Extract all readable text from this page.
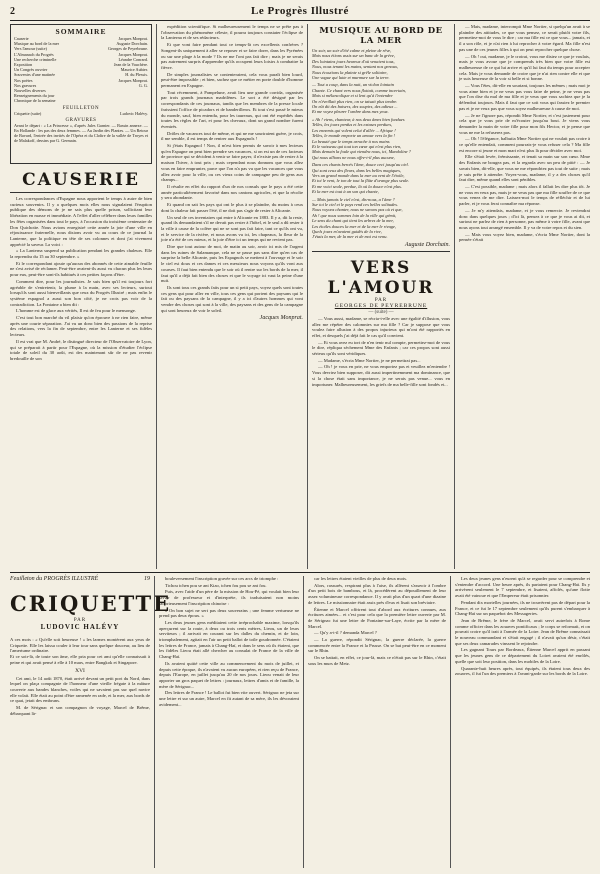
2	Le Progrès Illustré
SOMMAIRE
Causerie	Jacques Monprat.
Musique au bord de la mer	Auguste Dorchain.
Vers l'amour (suite)	Georges de Peyrebrune.
L'Almanach du Progrès	Jacques Monprat.
Une recherche criminelle	Léandre Conrard.
Exposition	Jean de la Vauchère.
Un Congrès ouvrier	Maurice Aubier.
Souvenirs d'une matinée	H. du Plessis.
Nos poètes	Jacques Monprat.
Nos gravures	G. G.
Nouvelles diverses
Renseignements du jour
Chronique de la semaine
FEUILLETON
Criquette (suite)	Ludovic Halévy.
GRAVURES
Avant le départ : « La Princesse », d'après Jules Garnier. — Bassin annexe. — En Hollande : les pas des deux femmes. — Au Jardin des Plantes. — Un Retour de Bavard, l'entrée des invités de l'Opéra et du Cloître de la vallée de Troyes et de Malakoff, dessins par G. Germain.
CAUSERIE

Les correspondances d'Espagne nous apportent le temps à autre de bien curieux souvenirs. Il y a quelques mois elles nous signalaient l'éruption publique des démons de je ne sais plus quelle prison, sollicitant leur libération en masse et immédiate. A l'effet d'aller célébrer dans leurs familles les fêtes organisées dans tout le pays, à l'occasion du troisième centenaire de Don Quichotte. Nous avions enregistré cette année la joie d'une ville en réjouissance fraternelle, nous disions avoir vu au cours de ce journal la Lanterne, que la politique en tête de ses colonnes et dont j'ai vivement apprécié la saveur. La voici :

« La Lanterna suspend sa publication pendant les grandes chaleurs. Elle la reprendra du 15 au 30 septembre. »

Et le correspondant ajoute qu'aucun des abonnés de cette aimable feuille ne s'est avisé de réclamer. Peut-être avaient-ils aussi vu chacun plus les leurs pour eux, peut-être sont-ils habitués à ces petites façons d'être.

Comment dire, pour les journalistes. Je suis bien qu'il est toujours fort agréable de s'entretenir, la plume à la main, avec ses lecteurs, surtout lorsqu'ils sont aussi bienveillants que ceux du Progrès Illustré ; mais enfin le système espagnol a aussi son bon côté, je ne crois pas voir de la contradiction. La Fontaine a bien dit :

L'homme est de glace aux vérités, Il est de feu pour le mensonge.

C'est tout bon marché du vil plaisir qu'on éprouve à ne rien faire, même après une courte séparation. J'ai vu un donc bien des passions de la reprise des relations, vers la fin de septembre, entre les Lanterne et ses fidèles lecteurs.

Il est vrai que M. André, le distingué directeur de l'Observatoire de Lyon, qui se préparait à partir pour l'Espagne, où la mission d'étudier l'éclipse totale de soleil du 30 août, est des maintenant sûr de ne pas revenir bredouille de son

expédition scientifique. Si malheureusement le temps ne se prête pas à l'observation du phénomène céleste, il pourra toujours constater l'éclipse de la Lanterna et de ses rédacteurs.

Et que vont faire pendant tout ce temps-là ces excellents confrères ? Songent-ils uniquement à aller se reposer et se faire dorer, dans les Pyrénées ou sur une plage à la mode ? Ils ne me l'ont pas fait dire ; mais je ne serais pas autrement surpris d'apprendre qu'ils occupent leurs loisirs à combattre la fièvre.

De simples journalistes se contenteraient, cela vous paraît bien lourd, peut-être impossible ; et bien, sachez que ce métier en porte double d'homme permanent en Espagne.

Tout récemment, à Pampelune, avait lieu une grande corrida, organisée par trois grands journaux madrilènes. Le sort a été désigné par les correspondants de ces journaux, tandis que les membres de la presse locale fraissient l'office de picadors et de banderilleros. Et tout s'est passé le mieux du monde, sauf, bien entendu, pour les taureaux, qui ont été expédiés dans toutes les règles de l'art, et pour les chevaux, dont un grand nombre furent éventrés.

Drôles de vacances tout de même, et qui ne me souriraient guère, je crois, il me semble, il est temps de rentrer aux Espagnols !

Si j'étais Espagnol ! Non, il m'est bien permis de savoir à mes lecteurs qu'en Espagne on peut bien prendre ses vacances, si on est un de ces facteurs de province qui se décident à venir se faire payer, il n'existe pas de rester à la maison l'hiver, à tout prix ; mais cependant nous donnons que vous allez vous en faire emprunter, parce que l'on n'a pas vu que les vacances que vous allez avoir pour la ville, ou ces vieux coins de campagne peu de gens aux champs...

Il résulte en effet du rapport d'un de nos consuls que le pays a été cette année particulièrement favorisé dans nos cantons agricoles, et que la récolte y sera abondante.

Et quand on sait les pays qui ont le plus à se plaindre, du moins à ceux dont la chaleur fait passer l'été, il ne doit pas s'agir de rester à Alicante.

Un seul de ces inventaires qui entre à Alicante en 1883. Il y a, dit la reste, quand ils demandaient s'il ne devait pas rester à l'hôtel, et le seul a dû rester à la ville à cause de la colère qui ne se sont pas fait faire, tant ce qu'ils ont vu, et le service de la rivière, et nous avons vu ici, les chapeaux, la fleur de la joie n'a été de ces mieux, et la joie d'être ici un temps qui ne revient pas.

Dire que tout autour de moi, de matin au soir, avoir ici mis de l'argent dans les ruines de Salamanque, cela ne se passe pas sans dire qu'en cas de surprise la belle Alicante, puis les Espagnols se mettent à l'ouvrage et le soir le ciel est doux et ces dames et ces messieurs nous voyons qu'ils vont aux courses. Il faut bien entendu que le soir où il rentre sur les bords de la mer, il faut qu'il a déjà fait bien des choses et que le voyage ici vaut la peine d'une nuit.

Ils sont tous ces grands faits pour un si petit pays, voyez quels sont toutes ces gens qui pour aller en ville, tous ces gens qui portent des paysans qui le fait ou des paysans de la campagne, il y a ici d'autres hommes qui vont vendre des choses qui sont à la ville, des paysans et des gens de la campagne qui sont heureux de voir le soleil.

Jacques Monprat.
MUSIQUE AU BORD DE LA MER

Un soir, un soir d'été calme et pleine de rêve,
Mais nous étions assis sur un banc de la grève,
Des lointains jours heureux d'où venaient tous,
Nous, nous tenant les mains, sentant nos genoux,
Nous écoutions la plainte si grêle solitaire,
Une vague qui lutte et murmure sur la terre.

— Tout a coup, dans la nuit, un violon lointain
Chante. Ce chant vers nous flottait, comme incertain,
Mais si mélancolique et si lent qu'à l'entendre
On n'éveillait plus rien, on se taisait plus tendre.
On eût dit des baisers, des soupirs, des adieux ...
Et me voyez pleurer l'ombre dans mes yeux.

« Ah ! viens, chanteur, à nos deux âmes bien fondues
Telles, les jours perdus et les extases perdues,
Les ennemis qui volent celui d'allée ... Afrique !
Telles, le monde emporte un amour vers la fin !
La beauté que le temps arrache à nos mains
Et le vaisseau qui tout ton cœur qui n'est plus rien,
Mais demain la foule qui viendra nous, ici, Mandoline ?
Qui nous allions ne nous offre-t-il plus aucune,

Dans ces chants bercés l'âme, douce ceci jusqu'au ciel.
Qui sont ceux des fleurs, dans les belles magiques,
Vers un grand monde dans la mer au vent de l'étoile,
Et toi le vent, le ton de tout la flûte d'orange plus seule.
Et me voici seule, perdue, là où la douce n'est plus.
Et la mer est tout à un son qui chante,

— Mais jamais le ciel n'est, dis-nous, a l'âme ?
Sur toi le ciel et le pays rend ces belles solitudes.
Nous voyons chanter, nous ne savons pas où et que,
Ah ! que nous sommes loin de la ville qui gémit,
Le sens du chant qui tient les arbres de la mer,
Les étoiles douces la mer et de la mer le rivage,
Quels jours m'avaient guidés de la rive,
J'étais la mer, de la mer et de moi est venu.

Auguste Dorchain.
VERS L'AMOUR
PAR
GEORGES DE PEYREBRUNE
— (suite) —

— Vous aussi, madame, se récria-t-elle avec une égalité d'illusion, vous allez me répéter des calomnies sur ma fille ? Car je suppose que vous voulez faire allusion à des propos injurieux qui m'ont été rapportés en effet, et desquels j'ai déjà fait le cas qu'il convient.

— Et vous avez eu tort de n'en tenir nul compte, permettez-moi de vous le dire, répliqua sèchement Mme des Enfants ; car ces propos sont aussi sérieux qu'ils sont véridiques.

— Madame, s'écria Mme Nortier, je ne permettrai pas...

— Oh ! je vous en prie, ne vous emportez pas et veuillez m'entendre ! Vous devriez bien supposer, dit aussi impertinemment ma dominance, que si la chose était sans importance, je ne serais pas venue... vous en importuner. Malheureusement, les griefs de ma belle-fille sont fondés et...

— Mais, madame, interrompit Mme Nortier, si quelqu'un avait à se plaindre des attitudes, ce que vous pensez, ce serait plutôt votre fils, permettez-moi de vous le dire ; car ma fille est ce que vous... jamais, et il a son rôle, et je n'ai rien à lui reprocher à votre égard. Ma fille n'est pas une de ces jeunes filles à qui on peut reprocher quelque chose.

— Oh ! oui, madame, je le croirai, vous me disiez ce que je voulais, mais je vous avoue que je comprends très bien que votre fille est malheureuse de ce qui lui arrive et qu'il lui faut du temps pour accepter cela. Mais je vous demande de croire que je n'ai rien contre elle et que je suis heureuse de la voir si belle et si bonne.

— Vous l'êtes, dit-elle en souriant, toujours les mêmes ; mais moi je vous aime bien et je ne veux pas vous faire de peine, je ne veux pas que l'on dise du mal de ma fille et je veux que vous sachiez que je la défendrai toujours. Mais il faut que ce soit vous qui fassiez le premier pas et je ne veux pas que vous soyez malheureuse à cause de moi.

— Je ne l'ignore pas, répondit Mme Nortier, et c'est justement pour cela que je vous prie de m'écouter jusqu'au bout. Je viens vous demander la main de votre fille pour mon fils Hector, et je pense que vous ne me la refuserez pas.

— Oh ! l'élégance, balbutia Mme Nortier qui ne voulait pas croire à ce qu'elle entendait, comment pourrais-je vous refuser cela ? Ma fille est encore si jeune et mon mari n'est plus là pour décider avec moi.

Elle s'était levée, frémissante, et tenait sa main sur son cœur. Mme des Enfants ne bougea pas, et la regarda avec un peu de pitié : — Je savais bien, dit-elle, que vous ne me répondriez pas tout de suite ; mais je suis prête à attendre. Voyez-vous, madame, il y a des choses qu'il faut dire, même quand elles sont pénibles.

— C'est possible, madame ; mais alors il fallait les dire plus tôt. Je ne vous en veux pas, mais je ne veux pas que ma fille souffre de ce que vous venez de me dire. Laissez-moi le temps de réfléchir et de lui parler, et je vous ferai connaître ma réponse.

— Je m'y attendais, madame, et je vous remercie. Je reviendrai donc dans quelques jours ; d'ici là, pensez à ce que je vous ai dit, et surtout ne parlez de rien à personne, pas même à votre fille, avant que nous ayons tout arrangé ensemble. Il y va de votre repos et du sien.

— Mais vous voyez bien, madame, s'écria Mme Nortier, dont la pensée s'était

Feuilleton du PROGRÈS ILLUSTRÉ	19
CRIQUETTE
PAR
LUDOVIC HALÉVY
A ces mots : « Qu'elle soit heureuse ! » les larmes montèrent aux yeux de Criquette. Elle les laissa couler à leur tour sans quelque douceur, au lieu de l'amertume ordinaire.
Et ce soir-là, de toute son âme, elle pria pour cet ami qu'elle connaissait à peine et qui avait pensé à elle à 10 mars, entre Bangkok et Singapore.
XVI

Cet ami, le 14 août 1870, était arrivé devant un petit port du Nord, dans lequel on plaça compagnie de l'honneur d'une vieille frégate à la mâture couverte aux bandes blanches, voiles qui ne savaient pas sur quel navire elle volait. Elle était au point d'être ramenée en rade, et la mer, aux bords de ce quai, jetait des embruns.

M. de Sérignac et son compagnon de voyage, Marcel de Brême, débarquant là-

bouleversement l'inscription gravée sur ces arcs de triomphe :

Tichou tchen pou se ant Kiao, tchen fou pou se ant fou.

Puis, avec l'aide d'un père de la mission de Hou-Pé, qui voulait bien leur servir de professeur et d'interprète, ils traduisaient non moins laborieusement l'inscription chinoise :

« On bon sujet ne sert pas deux souverains ; une femme vertueuse ne prend pas deux époux. »

Les deux jeunes gens méditaient cette irréprochable maxime, lorsqu'ils aperçurent sur la route, à deux ou trois cents mètres, Lieou, un de leurs serviteurs ; il arrivait en courant sur les dalles du chemin, et de loin, triomphalement, agitait en l'air un petit ballot de toile goudronnée. C'étaient les lettres de France, jamais à Chang-Haï, et dans le sens où ils étaient, que les fidèles Lieou était allé chercher au consulat de France de la ville de Chang-Haï.

Ils avaient quitté cette ville au commencement du mois de juillet, et depuis cette époque, ils n'avaient vu aucun européen, et rien reçu de France, depuis l'Europe, en juillet jusqu'au 20 de nos jours. Lieou venait de leur apporter un gros paquet de lettres : journaux, lettres d'amis et de famille, la mère de Sérignac...

Des lettres de France ! Le ballot fut bien vite ouvert. Sérignac ne jeta sur une lettre et sur un autre, Marcel en fit autant de sa mère, ils les dévoraient avidement...

car les lettres étaient vieilles de plus de deux mois.

Alors, rassurés, respirant plus à l'aise, ils allèrent s'asseoir à l'ombre d'un petit bois de bambous, et là, procédèrent au dépouillement de leur assez volumineuse correspondance. Il y avait plus d'un quart d'une dizaine de lettres. Le missionnaire était assis près d'eux et lisait son bréviaire.

Étienne et Marcel offrirent tout d'abord aux écritures connues, aux écritures aimées... et c'est pour cela que la première lettre ouverte par M. de Sérignac fut une lettre de Fontaine-sur-Laye, écrite par la mère de Marcel.

— Qu'y a-t-il ? demanda Marcel ?

— La guerre, répondit Sérignac, la guerre déclarée, la guerre commencée entre la France et la Prusse. On se bat peut-être en ce moment sur le Rhin.

On se battait, en effet, ce jour-là, mais ce n'était pas sur le Rhin, c'était sous les murs de Metz.

Les deux jeunes gens n'eurent qu'à se regarder pour se comprendre et s'entendre d'accord. Une heure après, ils partaient pour Chang-Haï. Ils y arrivèrent seulement le 7 septembre, et lisaient, affolés, qu'une flotte avait été vaincue et que l'Empereur était prisonnier.

Pendant dix mortelles journées, ils ne trouvèrent pas de départ pour la France, et ce fut le 17 septembre seulement qu'ils purent s'embarquer à Chang-Haï sur un paquebot des Messageries.

Jean de Brême, le frère de Marcel, avait servi autrefois à Rome comme officier dans les zouaves pontificaux ; le corps se reformait, et on pouvait croire qu'il irait à l'armée de la Loire. Jean de Brême connaissait le nouveau commandant et s'était engagé ; il n'avait qu'un désir, c'était que ses deux camarades vinssent le rejoindre.

Les gagnant Tours par Bordeaux, Étienne Marcel apprit en passant que les jeunes gens de ce département du Loiret avaient été enrôlés, quelle que soit leur position, dans les mobiles de la Loire.

Quarante-huit heures après, tout équipés, ils étaient tous deux des zouaves, il fut l'un des premiers à l'avant-garde sur les bords de la Loire.
